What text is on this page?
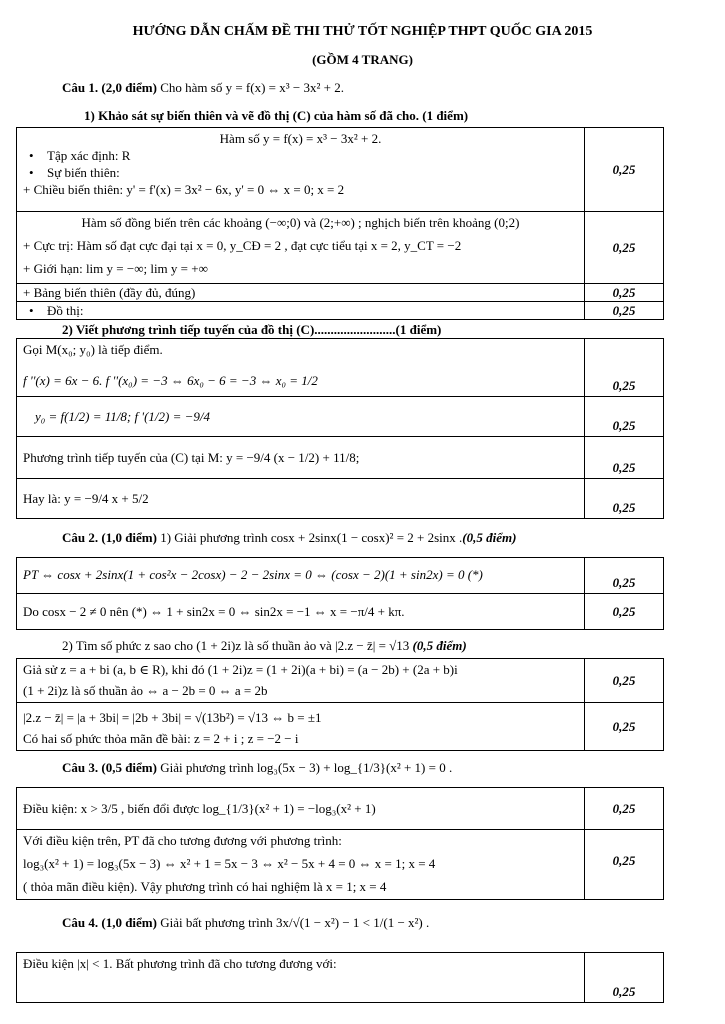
HƯỚNG DẪN CHẤM ĐỀ THI THỬ TỐT NGHIỆP THPT QUỐC GIA 2015
(GỒM 4 TRANG)
Câu 1. (2,0 điểm) Cho hàm số y = f(x) = x³ − 3x² + 2.
1) Khảo sát sự biến thiên và vẽ đồ thị (C) của hàm số đã cho. (1 điểm)
Hàm số y = f(x) = x³ − 3x² + 2.
• Tập xác định: R
• Sự biến thiên:
+ Chiều biến thiên: y' = f'(x) = 3x² − 6x, y' = 0 ⇔ x = 0; x = 2	0,25

Hàm số đồng biến trên các khoảng (−∞;0) và (2;+∞) ; nghịch biến trên khoảng (0;2)
+ Cực trị: Hàm số đạt cực đại tại x = 0, y_CĐ = 2 , đạt cực tiểu tại x = 2, y_CT = −2
+ Giới hạn: lim y = −∞; lim y = +∞	0,25

+ Bảng biến thiên (đầy đủ, đúng)	0,25

• Đồ thị:	0,25
2) Viết phương trình tiếp tuyến của đồ thị (C).........................(1 điểm)
Gọi M(x₀; y₀) là tiếp điểm.
f ''(x) = 6x − 6. f ''(x₀) = −3 ⇔ 6x₀ − 6 = −3 ⇔ x₀ = 1/2	0,25

y₀ = f(1/2) = 11/8; f '(1/2) = −9/4	0,25

Phương trình tiếp tuyến của (C) tại M: y = −9/4 (x − 1/2) + 11/8;	0,25

Hay là: y = −9/4 x + 5/2	0,25
Câu 2. (1,0 điểm) 1) Giải phương trình cosx + 2sinx(1 − cosx)² = 2 + 2sinx .(0,5 điểm)
PT ⇔ cosx + 2sinx(1 + cos²x − 2cosx) − 2 − 2sinx = 0 ⇔ (cosx − 2)(1 + sin2x) = 0 (*)	0,25

Do cosx − 2 ≠ 0 nên (*) ⇔ 1 + sin2x = 0 ⇔ sin2x = −1 ⇔ x = −π/4 + kπ.	0,25
2) Tìm số phức z sao cho (1 + 2i)z là số thuần ảo và |2.z − z̄| = √13 (0,5 điểm)
Giả sử z = a + bi (a, b ∈ R), khi đó (1 + 2i)z = (1 + 2i)(a + bi) = (a − 2b) + (2a + b)i
(1 + 2i)z là số thuần ảo ⇔ a − 2b = 0 ⇔ a = 2b	0,25

|2.z − z̄| = |a + 3bi| = |2b + 3bi| = √(13b²) = √13 ⇔ b = ±1
Có hai số phức thỏa mãn đề bài: z = 2 + i ; z = −2 − i	0,25
Câu 3. (0,5 điểm) Giải phương trình log₃(5x − 3) + log_{1/3}(x² + 1) = 0 .
Điều kiện: x > 3/5 , biến đổi được log_{1/3}(x² + 1) = −log₃(x² + 1)	0,25

Với điều kiện trên, PT đã cho tương đương với phương trình:
log₃(x² + 1) = log₃(5x − 3) ⇔ x² + 1 = 5x − 3 ⇔ x² − 5x + 4 = 0 ⇔ x = 1; x = 4
( thỏa mãn điều kiện). Vậy phương trình có hai nghiệm là x = 1; x = 4	0,25
Câu 4. (1,0 điểm) Giải bất phương trình 3x/√(1 − x²) − 1 < 1/(1 − x²) .
Điều kiện |x| < 1. Bất phương trình đã cho tương đương với:
	0,25
